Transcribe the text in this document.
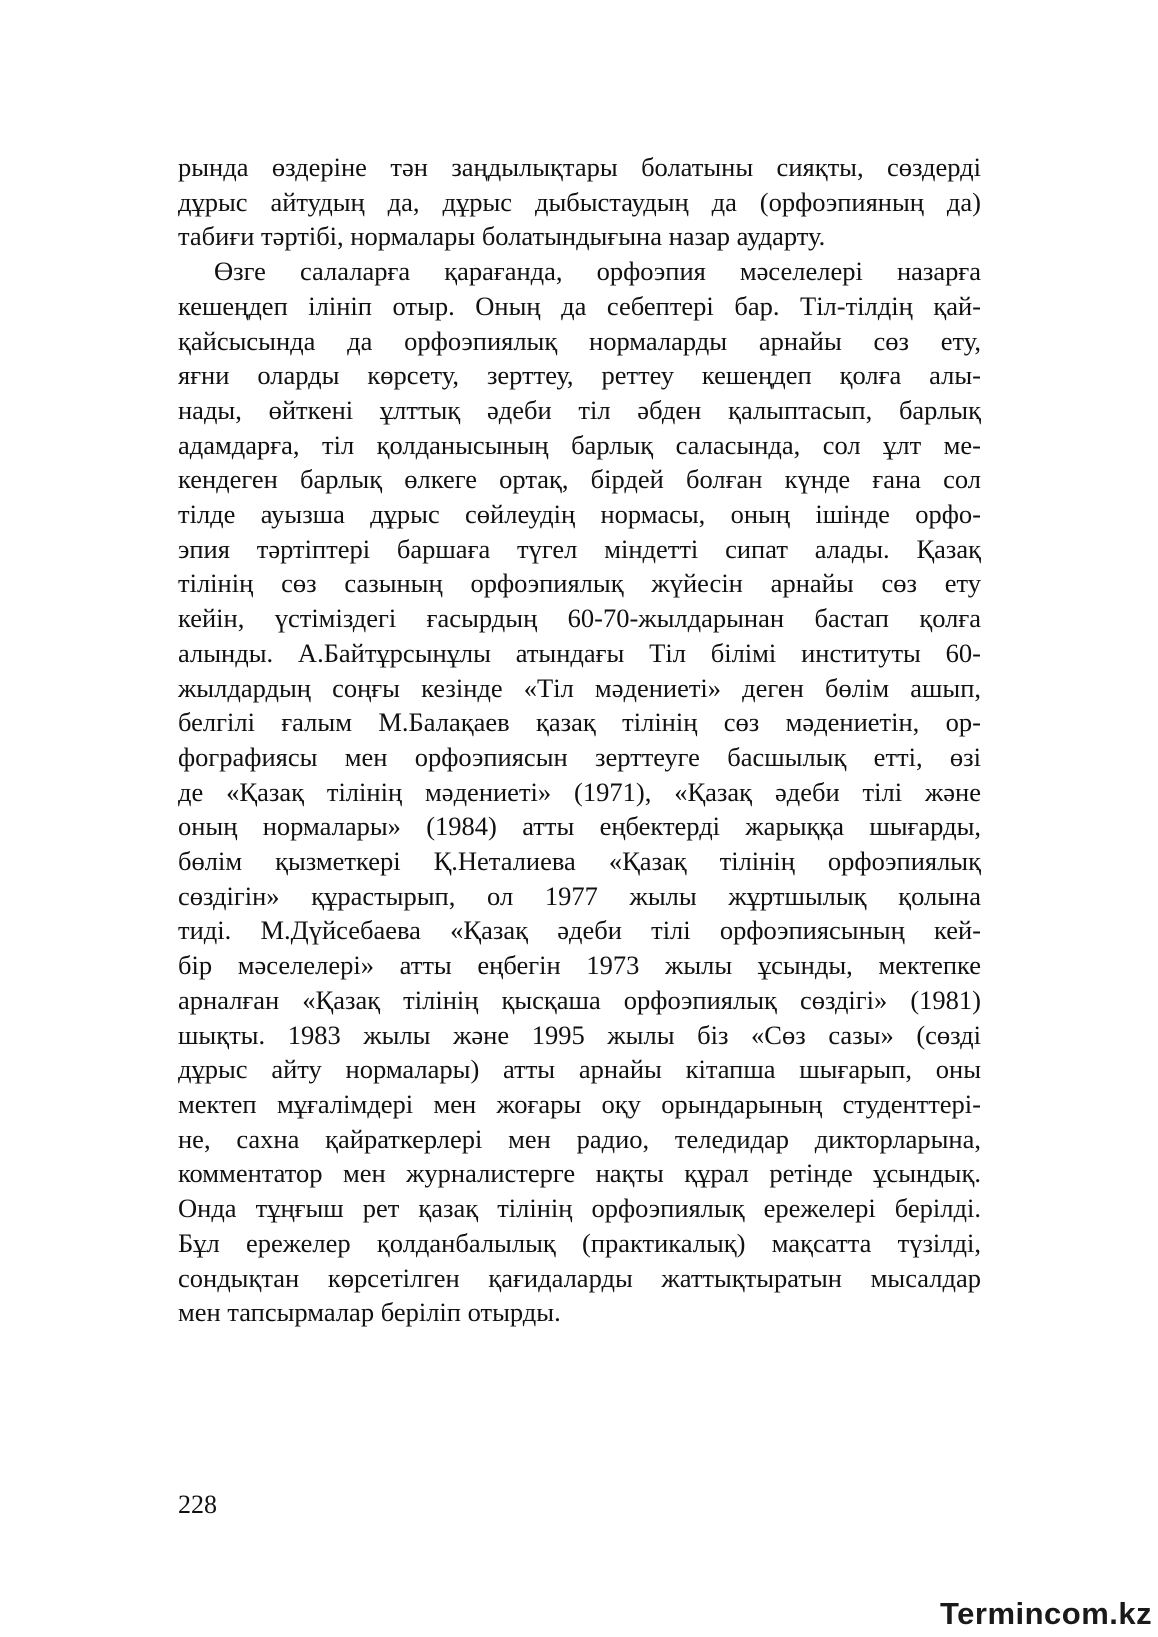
рында өздеріне тән заңдылықтары болатыны сияқты, сөздерді

дұрыс айтудың да, дұрыс дыбыстаудың да (орфоэпияның да)

табиғи тәртібі, нормалары болатындығына назар аударту.

Өзге салаларға қарағанда, орфоэпия мәселелері назарға

кешеңдеп ілініп отыр. Оның да себептері бар. Тіл-тілдің қай-

қайсысында да орфоэпиялық нормаларды арнайы сөз ету,

яғни оларды көрсету, зерттеу, реттеу кешеңдеп қолға алы-

нады, өйткені ұлттық әдеби тіл әбден қалыптасып, барлық

адамдарға, тіл қолданысының барлық саласында, сол ұлт ме-

кендеген барлық өлкеге ортақ, бірдей болған күнде ғана сол

тілде ауызша дұрыс сөйлеудің нормасы, оның ішінде орфо-

эпия тәртіптері баршаға түгел міндетті сипат алады. Қазақ

тілінің сөз сазының орфоэпиялық жүйесін арнайы сөз ету

кейін, үстіміздегі ғасырдың 60-70-жылдарынан бастап қолға

алынды. А.Байтұрсынұлы атындағы Тіл білімі институты 60-

жылдардың соңғы кезінде «Тіл мәдениеті» деген бөлім ашып,

белгілі ғалым М.Балақаев қазақ тілінің сөз мәдениетін, ор-

фографиясы мен орфоэпиясын зерттеуге басшылық етті, өзі

де «Қазақ тілінің мәдениеті» (1971), «Қазақ әдеби тілі және

оның нормалары» (1984) атты еңбектерді жарыққа шығарды,

бөлім қызметкері Қ.Неталиева «Қазақ тілінің орфоэпиялық

сөздігін» құрастырып, ол 1977 жылы жұртшылық қолына

тиді. М.Дүйсебаева «Қазақ әдеби тілі орфоэпиясының кей-

бір мәселелері» атты еңбегін 1973 жылы ұсынды, мектепке

арналған «Қазақ тілінің қысқаша орфоэпиялық сөздігі» (1981)

шықты. 1983 жылы және 1995 жылы біз «Сөз сазы» (сөзді

дұрыс айту нормалары) атты арнайы кітапша шығарып, оны

мектеп мұғалімдері мен жоғары оқу орындарының студенттері-

не, сахна қайраткерлері мен радио, теледидар дикторларына,

комментатор мен журналистерге нақты құрал ретінде ұсындық.

Онда тұңғыш рет қазақ тілінің орфоэпиялық ережелері берілді.

Бұл ережелер қолданбалылық (практикалық) мақсатта түзілді,

сондықтан көрсетілген қағидаларды жаттықтыратын мысалдар

мен тапсырмалар беріліп отырды.

228
Termincom.kz
